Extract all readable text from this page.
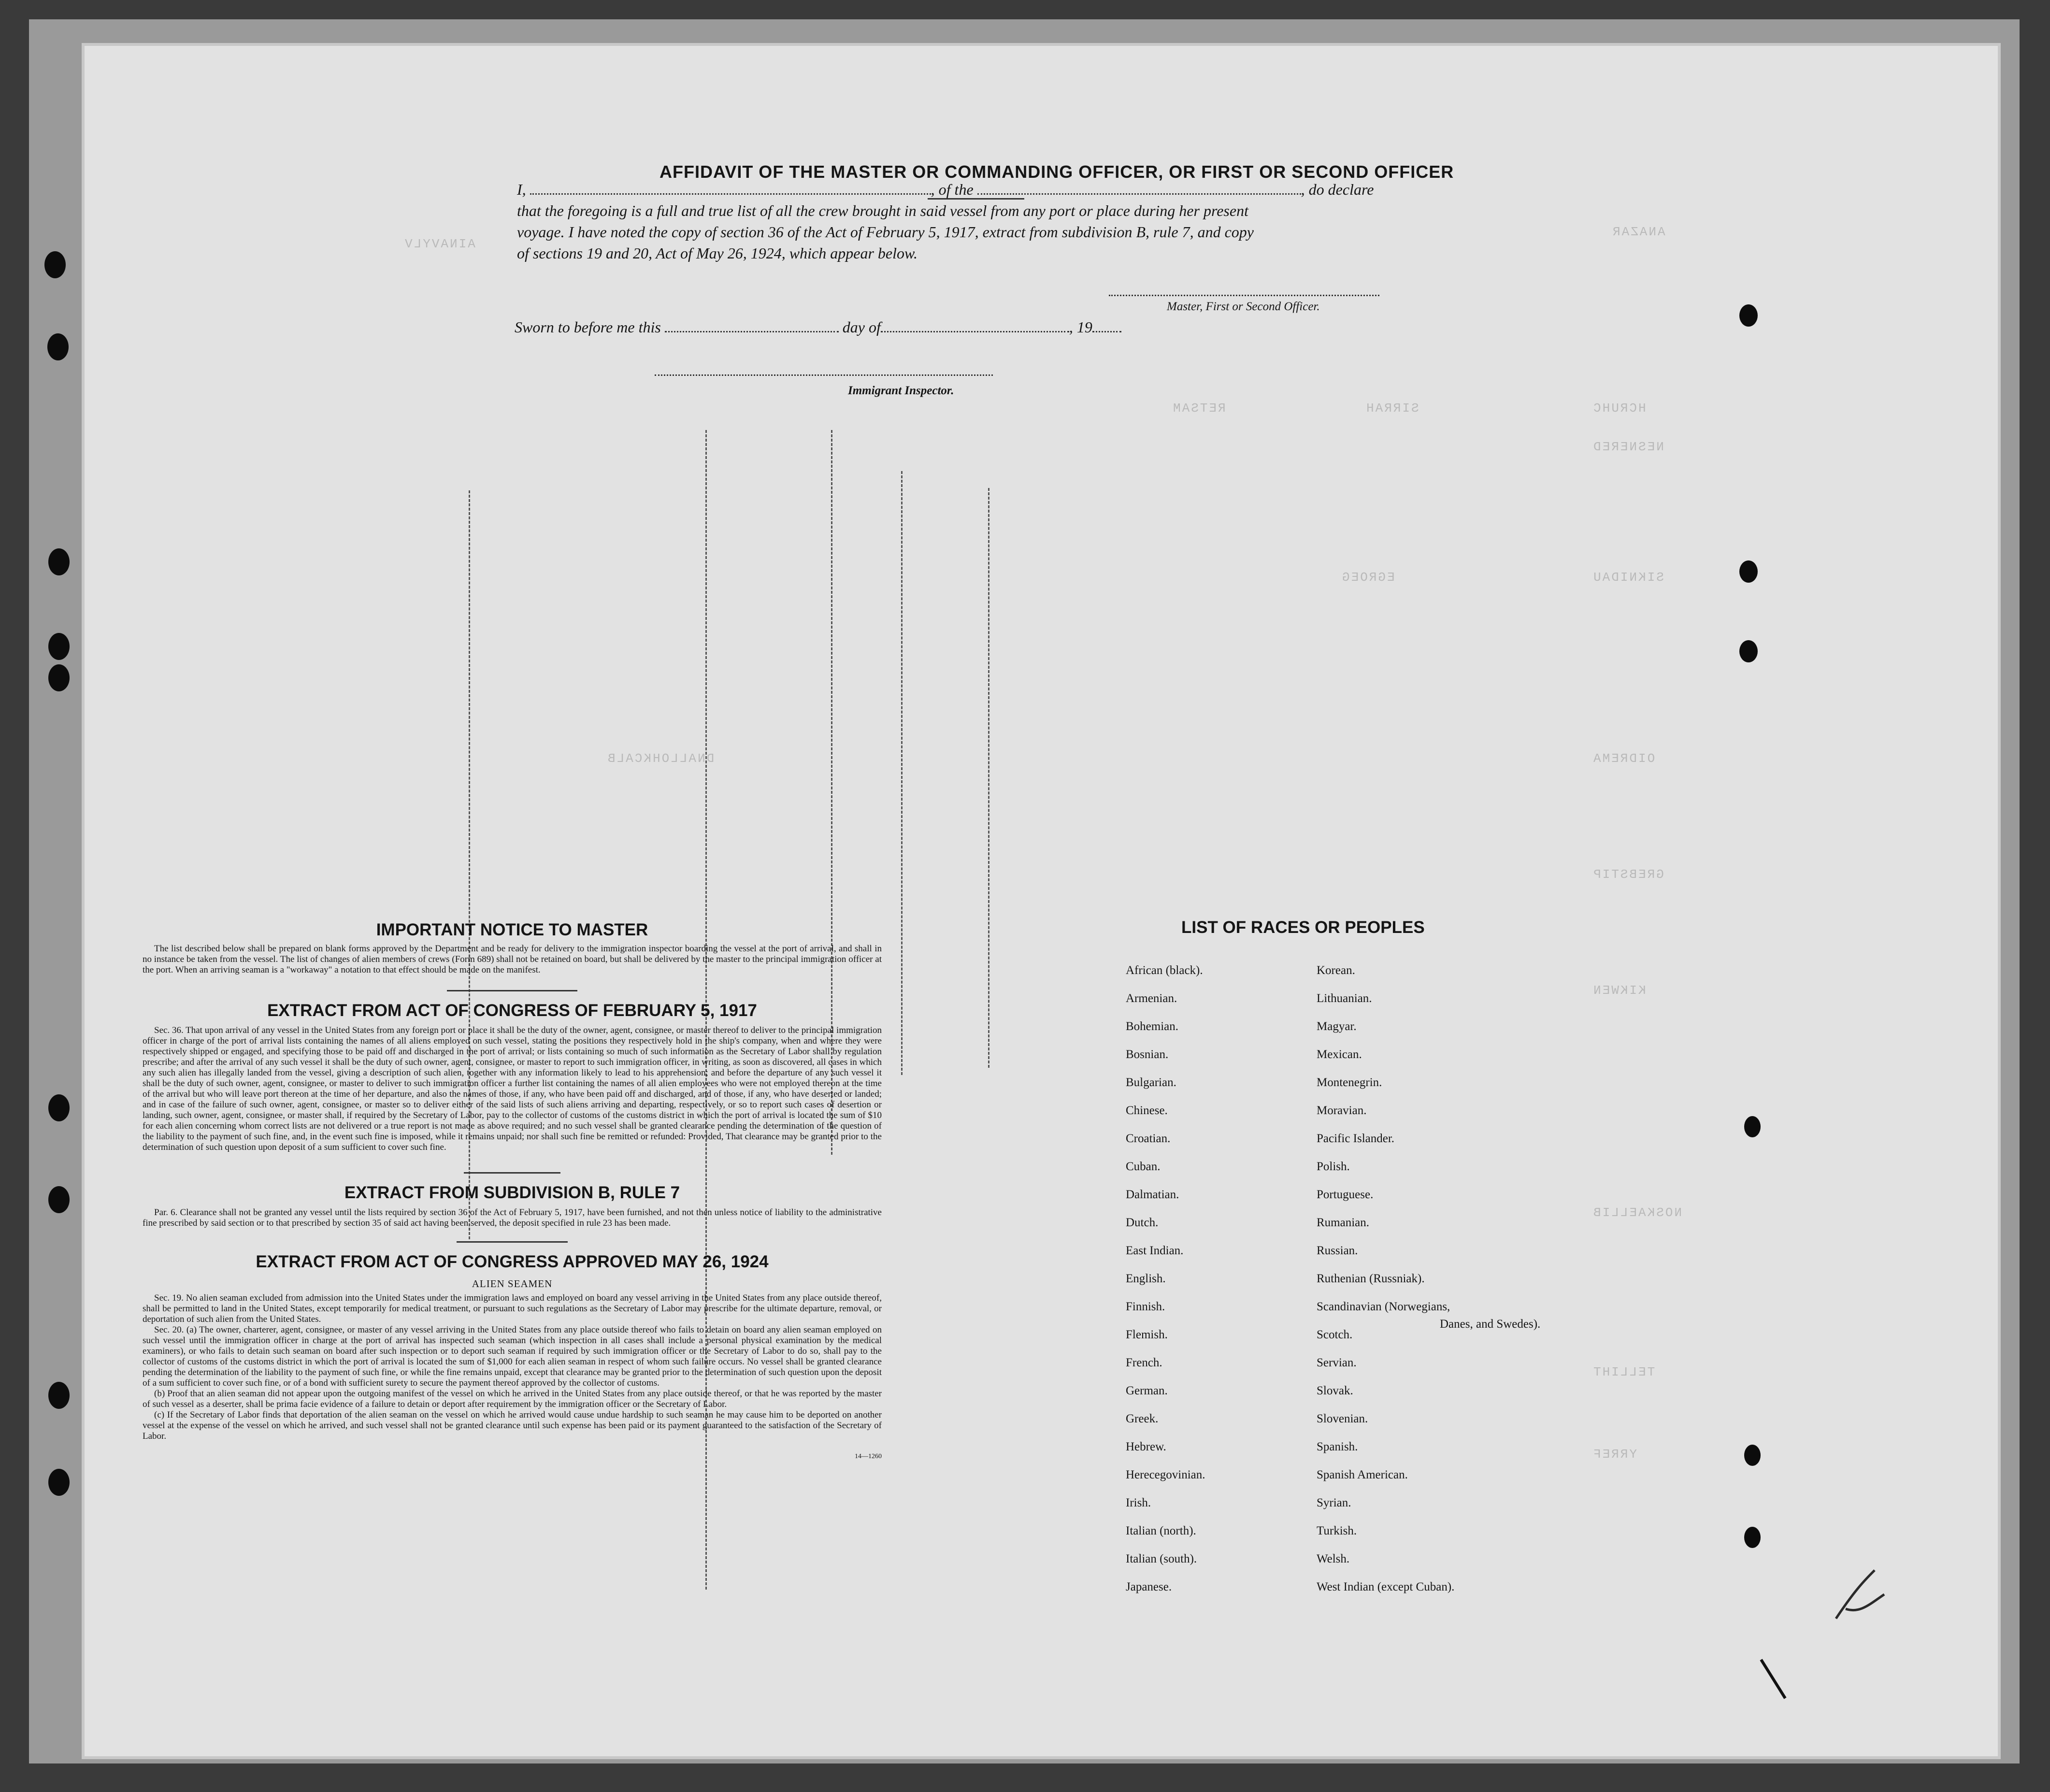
ANAZAR
AINAVYLV
HCRUHC
SIRRAH
RETSAM
NESNERED
SIKNIDAU
EGROEG
OIDREMA
DNALLOHKCALB
GREBSTIP
KIKWEN
NOSKAELLIB
TELLIHT
YRREF
AFFIDAVIT OF THE MASTER OR COMMANDING OFFICER, OR FIRST OR SECOND OFFICER
I,	, of the	, do declare
that the foregoing is a full and true list of all the crew brought in said vessel from any port or place during her present
voyage. I have noted the copy of section 36 of the Act of February 5, 1917, extract from subdivision B, rule 7, and copy
of sections 19 and 20, Act of May 26, 1924, which appear below.
Master, First or Second Officer.
Sworn to before me this	day of	, 19
Immigrant Inspector.
IMPORTANT NOTICE TO MASTER
The list described below shall be prepared on blank forms approved by the Department and be ready for delivery to the immigration inspector boarding the vessel at the port of arrival, and shall in no instance be taken from the vessel. The list of changes of alien members of crews (Form 689) shall not be retained on board, but shall be delivered by the master to the principal immigration officer at the port. When an arriving seaman is a "workaway" a notation to that effect should be made on the manifest.
EXTRACT FROM ACT OF CONGRESS OF FEBRUARY 5, 1917
Sec. 36. That upon arrival of any vessel in the United States from any foreign port or place it shall be the duty of the owner, agent, consignee, or master thereof to deliver to the principal immigration officer in charge of the port of arrival lists containing the names of all aliens employed on such vessel, stating the positions they respectively hold in the ship's company, when and where they were respectively shipped or engaged, and specifying those to be paid off and discharged in the port of arrival; or lists containing so much of such information as the Secretary of Labor shall by regulation prescribe; and after the arrival of any such vessel it shall be the duty of such owner, agent, consignee, or master to report to such immigration officer, in writing, as soon as discovered, all cases in which any such alien has illegally landed from the vessel, giving a description of such alien, together with any information likely to lead to his apprehension; and before the departure of any such vessel it shall be the duty of such owner, agent, consignee, or master to deliver to such immigration officer a further list containing the names of all alien employees who were not employed thereon at the time of the arrival but who will leave port thereon at the time of her departure, and also the names of those, if any, who have been paid off and discharged, and of those, if any, who have deserted or landed; and in case of the failure of such owner, agent, consignee, or master so to deliver either of the said lists of such aliens arriving and departing, respectively, or so to report such cases of desertion or landing, such owner, agent, consignee, or master shall, if required by the Secretary of Labor, pay to the collector of customs of the customs district in which the port of arrival is located the sum of $10 for each alien concerning whom correct lists are not delivered or a true report is not made as above required; and no such vessel shall be granted clearance pending the determination of the question of the liability to the payment of such fine, and, in the event such fine is imposed, while it remains unpaid; nor shall such fine be remitted or refunded: Provided, That clearance may be granted prior to the determination of such question upon deposit of a sum sufficient to cover such fine.
EXTRACT FROM SUBDIVISION B, RULE 7
Par. 6. Clearance shall not be granted any vessel until the lists required by section 36 of the Act of February 5, 1917, have been furnished, and not then unless notice of liability to the administrative fine prescribed by said section or to that prescribed by section 35 of said act having been served, the deposit specified in rule 23 has been made.
EXTRACT FROM ACT OF CONGRESS APPROVED MAY 26, 1924
ALIEN SEAMEN
Sec. 19. No alien seaman excluded from admission into the United States under the immigration laws and employed on board any vessel arriving in the United States from any place outside thereof, shall be permitted to land in the United States, except temporarily for medical treatment, or pursuant to such regulations as the Secretary of Labor may prescribe for the ultimate departure, removal, or deportation of such alien from the United States.
Sec. 20. (a) The owner, charterer, agent, consignee, or master of any vessel arriving in the United States from any place outside thereof who fails to detain on board any alien seaman employed on such vessel until the immigration officer in charge at the port of arrival has inspected such seaman (which inspection in all cases shall include a personal physical examination by the medical examiners), or who fails to detain such seaman on board after such inspection or to deport such seaman if required by such immigration officer or the Secretary of Labor to do so, shall pay to the collector of customs of the customs district in which the port of arrival is located the sum of $1,000 for each alien seaman in respect of whom such failure occurs. No vessel shall be granted clearance pending the determination of the liability to the payment of such fine, or while the fine remains unpaid, except that clearance may be granted prior to the determination of such question upon the deposit of a sum sufficient to cover such fine, or of a bond with sufficient surety to secure the payment thereof approved by the collector of customs.
(b) Proof that an alien seaman did not appear upon the outgoing manifest of the vessel on which he arrived in the United States from any place outside thereof, or that he was reported by the master of such vessel as a deserter, shall be prima facie evidence of a failure to detain or deport after requirement by the immigration officer or the Secretary of Labor.
(c) If the Secretary of Labor finds that deportation of the alien seaman on the vessel on which he arrived would cause undue hardship to such seaman he may cause him to be deported on another vessel at the expense of the vessel on which he arrived, and such vessel shall not be granted clearance until such expense has been paid or its payment guaranteed to the satisfaction of the Secretary of Labor.
14—1260
LIST OF RACES OR PEOPLES
Danes, and Swedes).
African (black).
Armenian.
Bohemian.
Bosnian.
Bulgarian.
Chinese.
Croatian.
Cuban.
Dalmatian.
Dutch.
East Indian.
English.
Finnish.
Flemish.
French.
German.
Greek.
Hebrew.
Herecegovinian.
Irish.
Italian (north).
Italian (south).
Japanese.
Korean.
Lithuanian.
Magyar.
Mexican.
Montenegrin.
Moravian.
Pacific Islander.
Polish.
Portuguese.
Rumanian.
Russian.
Ruthenian (Russniak).
Scandinavian (Norwegians,
Scotch.
Servian.
Slovak.
Slovenian.
Spanish.
Spanish American.
Syrian.
Turkish.
Welsh.
West Indian (except Cuban).
